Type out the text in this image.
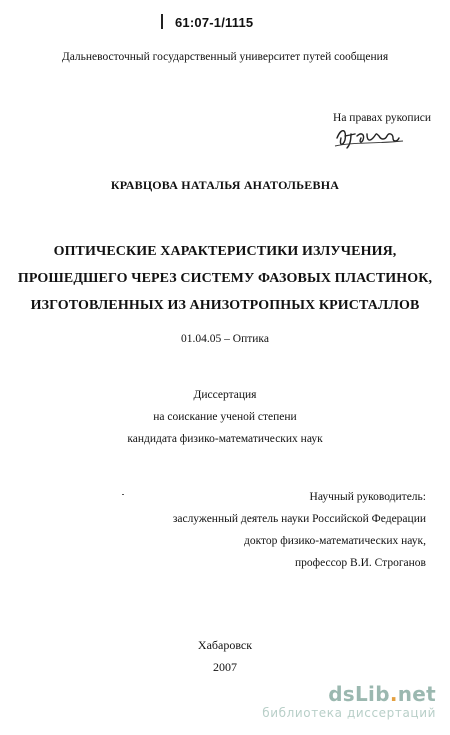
61:07-1/1115
Дальневосточный государственный университет путей сообщения
На правах рукописи
КРАВЦОВА НАТАЛЬЯ АНАТОЛЬЕВНА
ОПТИЧЕСКИЕ ХАРАКТЕРИСТИКИ ИЗЛУЧЕНИЯ,
ПРОШЕДШЕГО ЧЕРЕЗ СИСТЕМУ ФАЗОВЫХ ПЛАСТИНОК,
ИЗГОТОВЛЕННЫХ ИЗ АНИЗОТРОПНЫХ КРИСТАЛЛОВ
01.04.05 – Оптика
Диссертация
на соискание ученой степени
кандидата физико-математических наук
Научный руководитель:
заслуженный деятель науки Российской Федерации
доктор физико-математических наук,
профессор В.И. Строганов
Хабаровск
2007
dsLib.net
библиотека диссертаций
